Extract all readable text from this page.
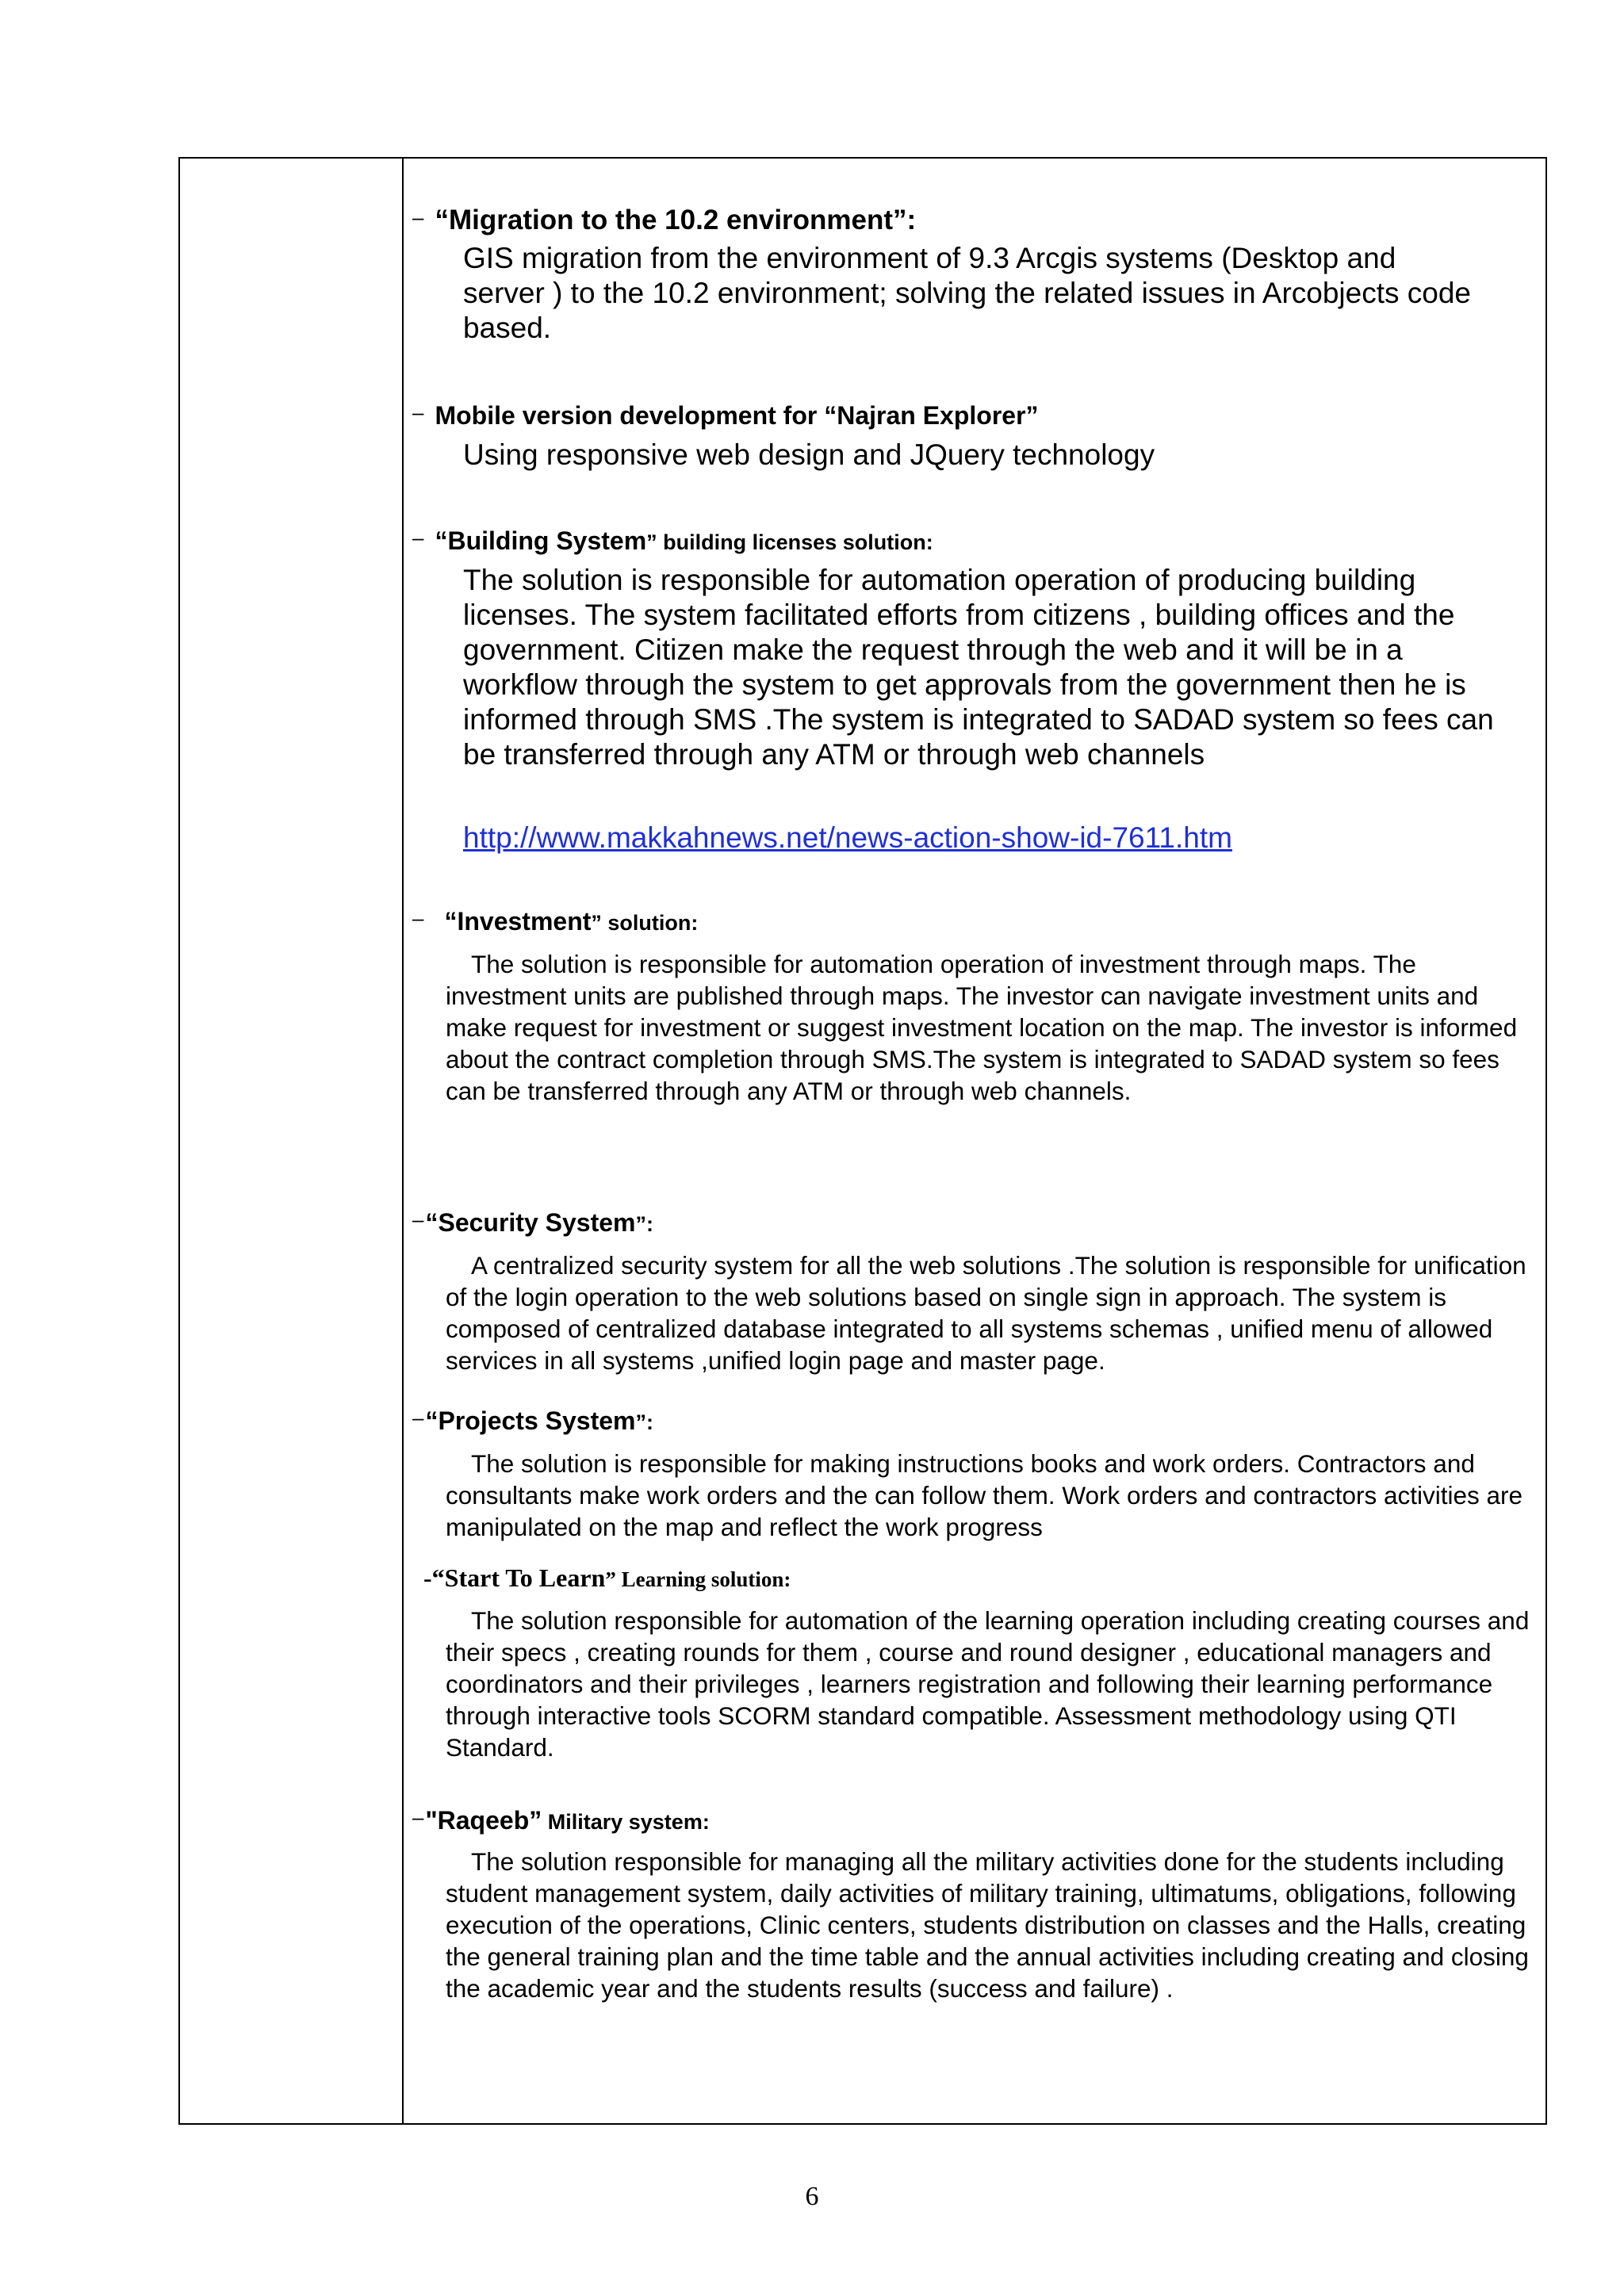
– “Migration to the 10.2 environment”:
GIS migration from the environment of 9.3 Arcgis systems (Desktop and server ) to the 10.2 environment; solving the related issues in Arcobjects code based.
– Mobile version development for “Najran Explorer”
Using responsive web design and JQuery technology
– “Building System” building licenses solution:
The solution is responsible for automation operation of producing building licenses. The system facilitated efforts from citizens , building offices and the government. Citizen make the request through the web and it will be in a workflow through the system to get approvals from the government then he is informed through SMS .The system is integrated to SADAD system so fees can be transferred through any ATM or through web channels
http://www.makkahnews.net/news-action-show-id-7611.htm
– “Investment” solution:
The solution is responsible for automation operation of investment through maps. The investment units are published through maps. The investor can navigate investment units and make request for investment or suggest investment location on the map. The investor is informed about the contract completion through SMS.The system is integrated to SADAD system so fees can be transferred through any ATM or through web channels.
–“Security System”:
A centralized security system for all the web solutions .The solution is responsible for unification of the login operation to the web solutions based on single sign in approach. The system is composed of centralized database integrated to all systems schemas , unified menu of allowed services in all systems ,unified login page and master page.
–“Projects System”:
The solution is responsible for making instructions books and work orders. Contractors and consultants make work orders and the can follow them. Work orders and contractors activities are manipulated on the map and reflect the work progress
-“Start To Learn” Learning solution:
The solution responsible for automation of the learning operation including creating courses and their specs , creating rounds for them , course and round designer , educational managers and coordinators and their privileges , learners registration and following their learning performance through interactive tools SCORM standard compatible. Assessment methodology using QTI Standard.
–"Raqeeb” Military system:
The solution responsible for managing all the military activities done for the students including student management system, daily activities of military training, ultimatums, obligations, following execution of the operations, Clinic centers, students distribution on classes and the Halls, creating the general training plan and the time table and the annual activities including creating and closing the academic year and the students results (success and failure) .
6
